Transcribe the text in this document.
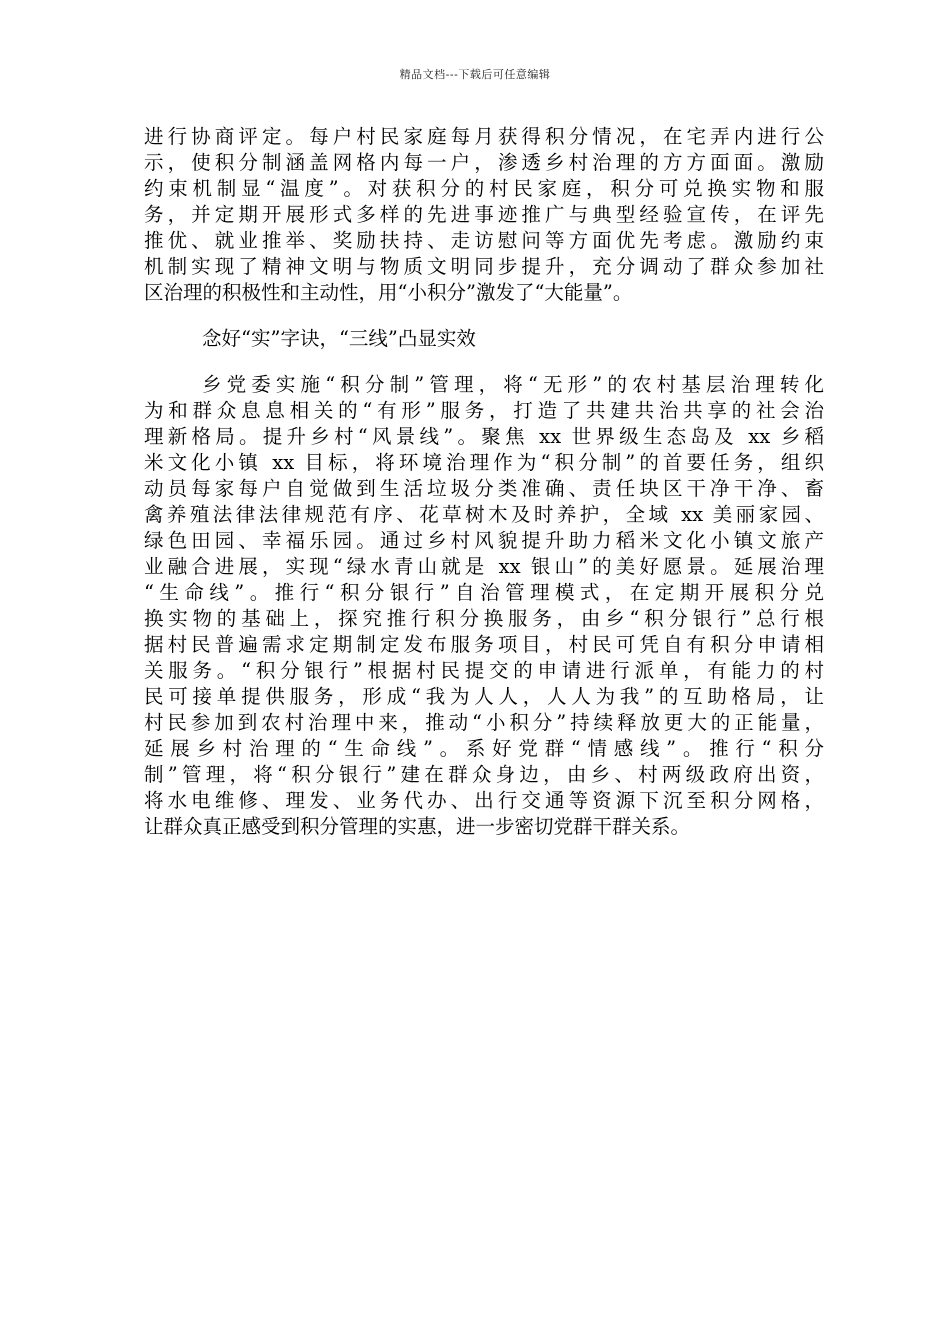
精品文档---下载后可任意编辑
进行协商评定。每户村民家庭每月获得积分情况，在宅弄内进行公
示，使积分制涵盖网格内每一户，渗透乡村治理的方方面面。激励
约束机制显“温度”。对获积分的村民家庭，积分可兑换实物和服
务，并定期开展形式多样的先进事迹推广与典型经验宣传，在评先
推优、就业推举、奖励扶持、走访慰问等方面优先考虑。激励约束
机制实现了精神文明与物质文明同步提升，充分调动了群众参加社
区治理的积极性和主动性，用“小积分”激发了“大能量”。
念好“实”字诀，“三线”凸显实效
乡党委实施“积分制”管理，将“无形”的农村基层治理转化
为和群众息息相关的“有形”服务，打造了共建共治共享的社会治
理新格局。提升乡村“风景线”。聚焦 xx 世界级生态岛及 xx 乡稻
米文化小镇 xx 目标，将环境治理作为“积分制”的首要任务，组织
动员每家每户自觉做到生活垃圾分类准确、责任块区干净干净、畜
禽养殖法律法律规范有序、花草树木及时养护，全域 xx 美丽家园、
绿色田园、幸福乐园。通过乡村风貌提升助力稻米文化小镇文旅产
业融合进展，实现“绿水青山就是 xx 银山”的美好愿景。延展治理
“生命线”。推行“积分银行”自治管理模式，在定期开展积分兑
换实物的基础上，探究推行积分换服务，由乡“积分银行”总行根
据村民普遍需求定期制定发布服务项目，村民可凭自有积分申请相
关服务。“积分银行”根据村民提交的申请进行派单，有能力的村
民可接单提供服务，形成“我为人人，人人为我”的互助格局，让
村民参加到农村治理中来，推动“小积分”持续释放更大的正能量，
延展乡村治理的“生命线”。系好党群“情感线”。推行“积分
制”管理，将“积分银行”建在群众身边，由乡、村两级政府出资，
将水电维修、理发、业务代办、出行交通等资源下沉至积分网格，
让群众真正感受到积分管理的实惠，进一步密切党群干群关系。
